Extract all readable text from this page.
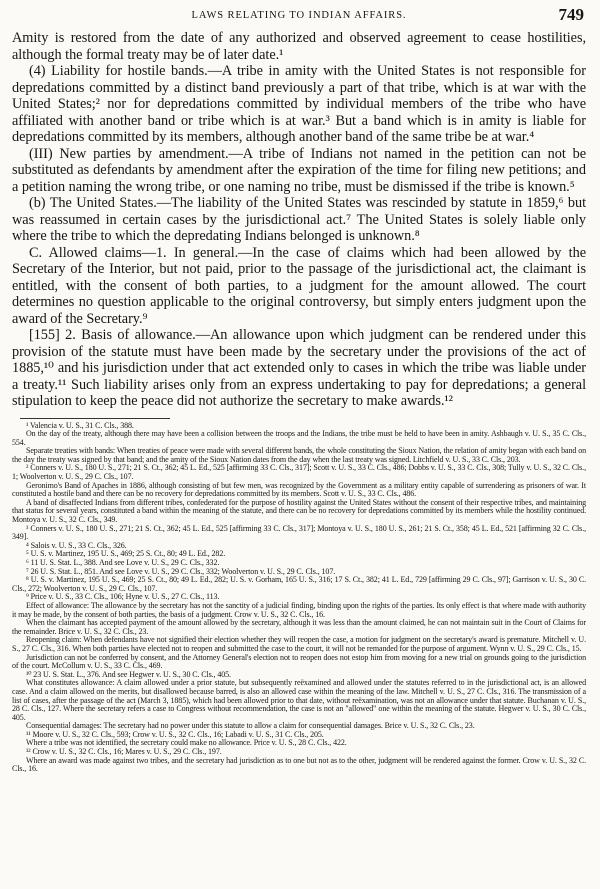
LAWS RELATING TO INDIAN AFFAIRS.	749

Amity is restored from the date of any authorized and observed agreement to cease hostilities, although the formal treaty may be of later date.¹

(4) Liability for hostile bands.—A tribe in amity with the United States is not responsible for depredations committed by a distinct band previously a part of that tribe, which is at war with the United States;² nor for depredations committed by individual members of the tribe who have affiliated with another band or tribe which is at war.³ But a band which is in amity is liable for depredations committed by its members, although another band of the same tribe be at war.⁴

(III) New parties by amendment.—A tribe of Indians not named in the petition can not be substituted as defendants by amendment after the expiration of the time for filing new petitions; and a petition naming the wrong tribe, or one naming no tribe, must be dismissed if the tribe is known.⁵

(b) The United States.—The liability of the United States was rescinded by statute in 1859,⁶ but was reassumed in certain cases by the jurisdictional act.⁷ The United States is solely liable only where the tribe to which the depredating Indians belonged is unknown.⁸

C. Allowed claims—1. In general.—In the case of claims which had been allowed by the Secretary of the Interior, but not paid, prior to the passage of the jurisdictional act, the claimant is entitled, with the consent of both parties, to a judgment for the amount allowed. The court determines no question applicable to the original controversy, but simply enters judgment upon the award of the Secretary.⁹

[155] 2. Basis of allowance.—An allowance upon which judgment can be rendered under this provision of the statute must have been made by the secretary under the provisions of the act of 1885,¹⁰ and his jurisdiction under that act extended only to cases in which the tribe was liable under a treaty.¹¹ Such liability arises only from an express undertaking to pay for depredations; a general stipulation to keep the peace did not authorize the secretary to make awards.¹²

¹ Valencia v. U. S., 31 C. Cls., 388.

On the day of the treaty, although there may have been a collision between the troops and the Indians, the tribe must be held to have been in amity. Ashbaugh v. U. S., 35 C. Cls., 554.

Separate treaties with bands: When treaties of peace were made with several different bands, the whole constituting the Sioux Nation, the relation of amity began with each band on the day the treaty was signed by that band; and the amity of the Sioux Nation dates from the day when the last treaty was signed. Litchfield v. U. S., 33 C. Cls., 203.

² Conners v. U. S., 180 U. S., 271; 21 S. Ct., 362; 45 L. Ed., 525 [affirming 33 C. Cls., 317]; Scott v. U. S., 33 C. Cls., 486; Dobbs v. U. S., 33 C. Cls., 308; Tully v. U. S., 32 C. Cls., 1; Woolverton v. U. S., 29 C. Cls., 107.

Geronimo's Band of Apaches in 1886, although consisting of but few men, was recognized by the Government as a military entity capable of surrendering as prisoners of war. It constituted a hostile band and there can be no recovery for depredations committed by its members. Scott v. U. S., 33 C. Cls., 486.

A band of disaffected Indians from different tribes, confederated for the purpose of hostility against the United States without the consent of their respective tribes, and maintaining that status for several years, constituted a band within the meaning of the statute, and there can be no recovery for depredations committed by its members while the hostility continued. Montoya v. U. S., 32 C. Cls., 349.

³ Conners v. U. S., 180 U. S., 271; 21 S. Ct., 362; 45 L. Ed., 525 [affirming 33 C. Cls., 317]; Montoya v. U. S., 180 U. S., 261; 21 S. Ct., 358; 45 L. Ed., 521 [affirming 32 C. Cls., 349].

⁴ Salois v. U. S., 33 C. Cls., 326.

⁵ U. S. v. Martinez, 195 U. S., 469; 25 S. Ct., 80; 49 L. Ed., 282.

⁶ 11 U. S. Stat. L., 388. And see Love v. U. S., 29 C. Cls., 332.

⁷ 26 U. S. Stat. L., 851. And see Love v. U. S., 29 C. Cls., 332; Woolverton v. U. S., 29 C. Cls., 107.

⁸ U. S. v. Martinez, 195 U. S., 469; 25 S. Ct., 80; 49 L. Ed., 282; U. S. v. Gorham, 165 U. S., 316; 17 S. Ct., 382; 41 L. Ed., 729 [affirming 29 C. Cls., 97]; Garrison v. U. S., 30 C. Cls., 272; Woolverton v. U. S., 29 C. Cls., 107.

⁹ Price v. U. S., 33 C. Cls., 106; Hyne v. U. S., 27 C. Cls., 113.

Effect of allowance: The allowance by the secretary has not the sanctity of a judicial finding, binding upon the rights of the parties. Its only effect is that where made with authority it may be made, by the consent of both parties, the basis of a judgment. Crow v. U. S., 32 C. Cls., 16.

When the claimant has accepted payment of the amount allowed by the secretary, although it was less than the amount claimed, he can not maintain suit in the Court of Claims for the remainder. Brice v. U. S., 32 C. Cls., 23.

Reopening claim: When defendants have not signified their election whether they will reopen the case, a motion for judgment on the secretary's award is premature. Mitchell v. U. S., 27 C. Cls., 316. When both parties have elected not to reopen and submitted the case to the court, it will not be remanded for the purpose of argument. Wynn v. U. S., 29 C. Cls., 15.

Jurisdiction can not be conferred by consent, and the Attorney General's election not to reopen does not estop him from moving for a new trial on grounds going to the jurisdiction of the court. McCollum v. U. S., 33 C. Cls., 469.

¹⁰ 23 U. S. Stat. L., 376. And see Hegwer v. U. S., 30 C. Cls., 405.

What constitutes allowance: A claim allowed under a prior statute, but subsequently reëxamined and allowed under the statutes referred to in the jurisdictional act, is an allowed case. And a claim allowed on the merits, but disallowed because barred, is also an allowed case within the meaning of the law. Mitchell v. U. S., 27 C. Cls., 316. The transmission of a list of cases, after the passage of the act (March 3, 1885), which had been allowed prior to that date, without reëxamination, was not an allowance under that statute. Buchanan v. U. S., 28 C. Cls., 127. Where the secretary refers a case to Congress without recommendation, the case is not an "allowed" one within the meaning of the statute. Hegwer v. U. S., 30 C. Cls., 405.

Consequential damages: The secretary had no power under this statute to allow a claim for consequential damages. Brice v. U. S., 32 C. Cls., 23.

¹¹ Moore v. U. S., 32 C. Cls., 593; Crow v. U. S., 32 C. Cls., 16; Labadi v. U. S., 31 C. Cls., 205.

Where a tribe was not identified, the secretary could make no allowance. Price v. U. S., 28 C. Cls., 422.

¹² Crow v. U. S., 32 C. Cls., 16; Mares v. U. S., 29 C. Cls., 197.

Where an award was made against two tribes, and the secretary had jurisdiction as to one but not as to the other, judgment will be rendered against the former. Crow v. U. S., 32 C. Cls., 16.
